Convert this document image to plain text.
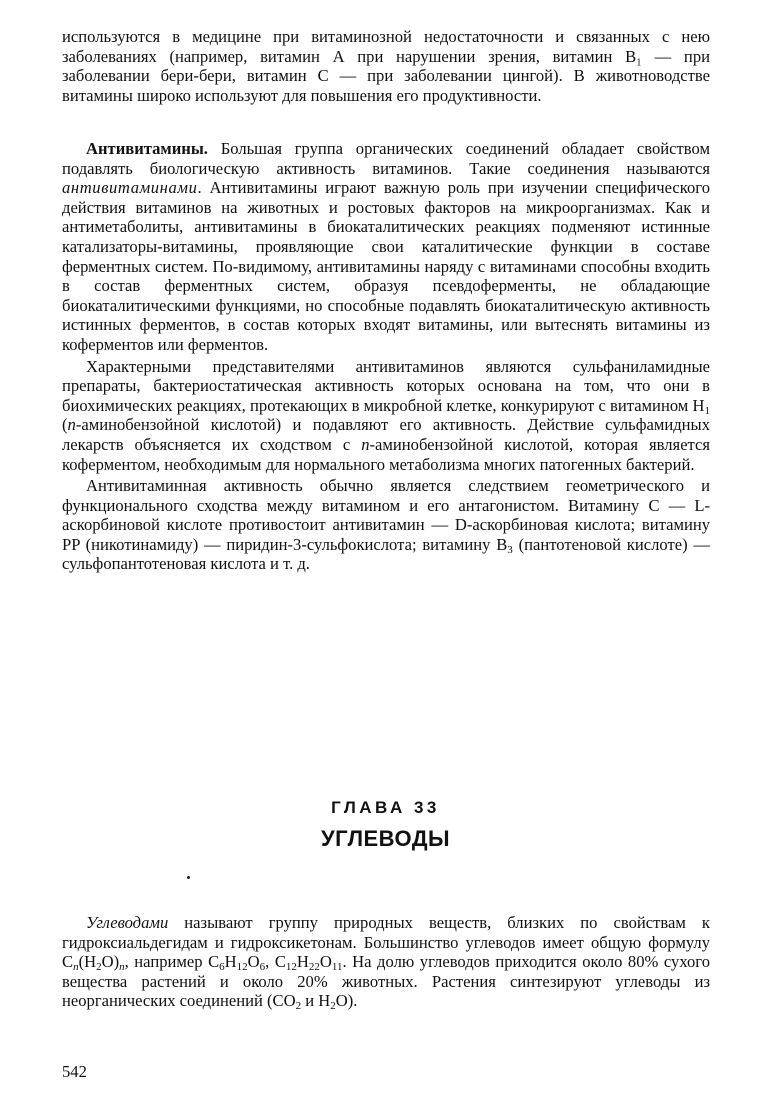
используются в медицине при витаминозной недостаточности и связанных с нею заболеваниях (например, витамин А при нарушении зрения, витамин B₁ — при заболевании бери-бери, витамин С — при заболевании цингой). В животноводстве витамины широко используют для повышения его продуктивности.

Антивитамины. Большая группа органических соединений обладает свойством подавлять биологическую активность витаминов. Такие соединения называются антивитаминами. Антивитамины играют важную роль при изучении специфического действия витаминов на животных и ростовых факторов на микроорганизмах. Как и антиметаболиты, антивитамины в биокаталитических реакциях подменяют истинные катализаторы-витамины, проявляющие свои каталитические функции в составе ферментных систем. По-видимому, антивитамины наряду с витаминами способны входить в состав ферментных систем, образуя псевдоферменты, не обладающие биокаталитическими функциями, но способные подавлять биокаталитическую активность истинных ферментов, в состав которых входят витамины, или вытеснять витамины из коферментов или ферментов.

Характерными представителями антивитаминов являются сульфаниламидные препараты, бактериостатическая активность которых основана на том, что они в биохимических реакциях, протекающих в микробной клетке, конкурируют с витамином $H_1$ (п-аминобензойной кислотой) и подавляют его активность. Действие сульфамидных лекарств объясняется их сходством с п-аминобензойной кислотой, которая является коферментом, необходимым для нормального метаболизма многих патогенных бактерий.

Антивитаминная активность обычно является следствием геометрического и функционального сходства между витамином и его антагонистом. Витамину С — L-аскорбиновой кислоте противостоит антивитамин — D-аскорбиновая кислота; витамину PP (никотинамиду) — пиридин-3-сульфокислота; витамину $B_3$ (пантотеновой кислоте) — сульфопантотеновая кислота и т. д.

ГЛАВА 33
УГЛЕВОДЫ

Углеводами называют группу природных веществ, близких по свойствам к гидроксиальдегидам и гидроксикетонам. Большинство углеводов имеет общую формулу $C_n(H_2O)_n$, например $C_6H_{12}O_6$, $C_{12}H_{22}O_{11}$. На долю углеводов приходится около 80% сухого вещества растений и около 20% животных. Растения синтезируют углеводы из неорганических соединений ($CO_2$ и $H_2O$).

542
